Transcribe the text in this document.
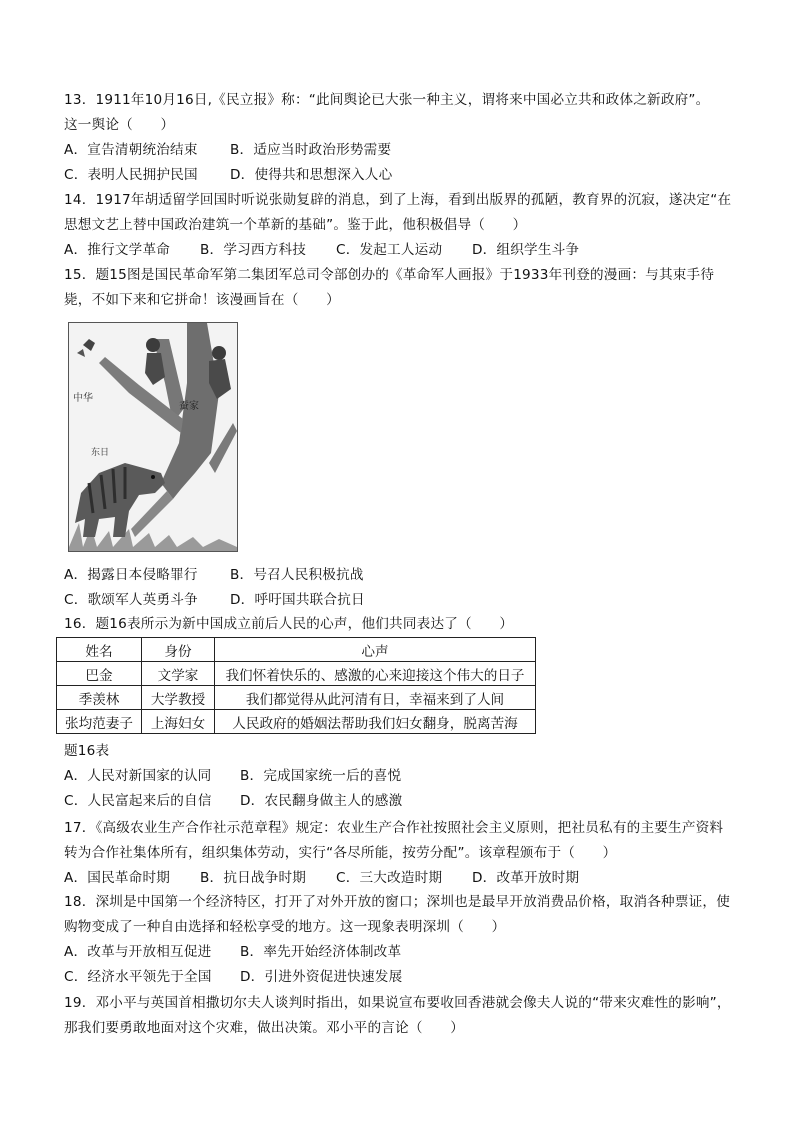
13．1911年10月16日,《民立报》称：“此间舆论已大张一种主义，谓将来中国必立共和政体之新政府”。
这一舆论（　　）
A．宣告清朝统治结束 B．适应当时政治形势需要
C．表明人民拥护民国 D．使得共和思想深入人心
14．1917年胡适留学回国时听说张勋复辟的消息，到了上海，看到出版界的孤陋，教育界的沉寂，遂决定“在
思想文艺上替中国政治建筑一个革新的基础”。鉴于此，他积极倡导（　　）
A．推行文学革命 B．学习西方科技 C．发起工人运动 D．组织学生斗争
15．题15图是国民革命军第二集团军总司令部创办的《革命军人画报》于1933年刊登的漫画：与其束手待
毙，不如下来和它拼命！该漫画旨在（　　）
中华
蚕家
东日
A．揭露日本侵略罪行 B．号召人民积极抗战
C．歌颂军人英勇斗争 D．呼吁国共联合抗日
16．题16表所示为新中国成立前后人民的心声，他们共同表达了（　　）
姓名	身份	心声
巴金	文学家	我们怀着快乐的、感激的心来迎接这个伟大的日子
季羡林	大学教授	我们都觉得从此河清有日，幸福来到了人间
张均范妻子	上海妇女	人民政府的婚姻法帮助我们妇女翻身，脱离苦海
题16表
A．人民对新国家的认同 B．完成国家统一后的喜悦
C．人民富起来后的自信 D．农民翻身做主人的感激
17．《高级农业生产合作社示范章程》规定：农业生产合作社按照社会主义原则，把社员私有的主要生产资料
转为合作社集体所有，组织集体劳动，实行“各尽所能，按劳分配”。该章程颁布于（　　）
A．国民革命时期 B．抗日战争时期 C．三大改造时期 D．改革开放时期
18．深圳是中国第一个经济特区，打开了对外开放的窗口；深圳也是最早开放消费品价格，取消各种票证，使
购物变成了一种自由选择和轻松享受的地方。这一现象表明深圳（　　）
A．改革与开放相互促进 B．率先开始经济体制改革
C．经济水平领先于全国 D．引进外资促进快速发展
19．邓小平与英国首相撒切尔夫人谈判时指出，如果说宣布要收回香港就会像夫人说的“带来灾难性的影响”，
那我们要勇敢地面对这个灾难，做出决策。邓小平的言论（　　）
